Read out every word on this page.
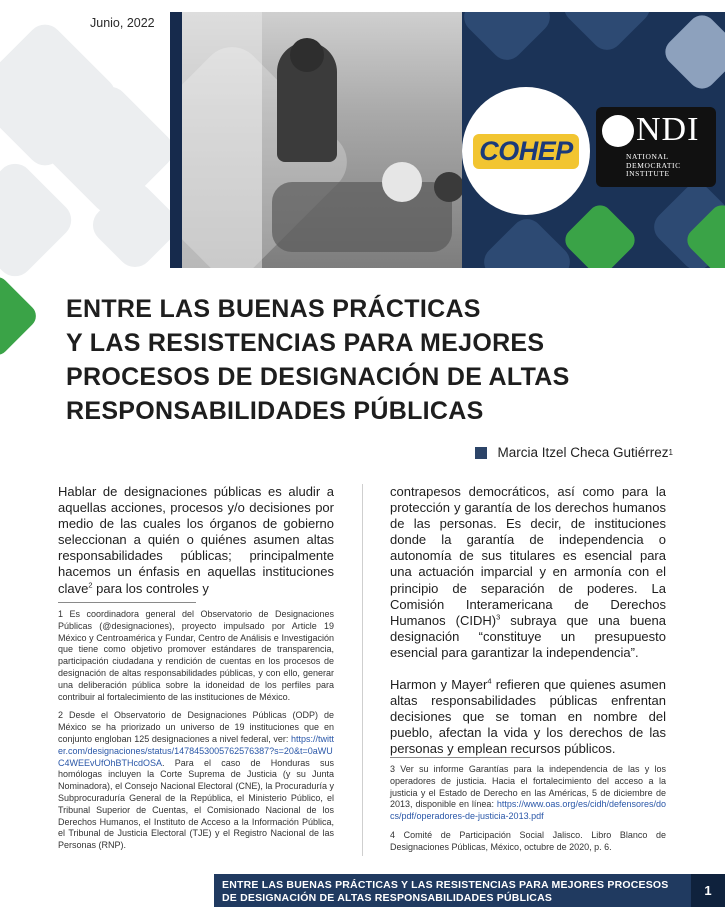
Junio, 2022
COHEP
NDI
NATIONAL
DEMOCRATIC
INSTITUTE
ENTRE LAS BUENAS PRÁCTICAS
Y LAS RESISTENCIAS PARA MEJORES
PROCESOS DE DESIGNACIÓN DE ALTAS
RESPONSABILIDADES PÚBLICAS
Marcia Itzel Checa Gutiérrez 1

Hablar de designaciones públicas es aludir a aquellas acciones, procesos y/o decisiones por medio de las cuales los órganos de gobierno seleccionan a quién o quiénes asumen altas responsabilidades públicas; principalmente hacemos un énfasis en aquellas instituciones clave$^2$ para los controles y

1 Es coordinadora general del Observatorio de Designaciones Públicas (@designaciones), proyecto impulsado por Article 19 México y Centroamérica y Fundar, Centro de Análisis e Investigación que tiene como objetivo promover estándares de transparencia, participación ciudadana y rendición de cuentas en los procesos de designación de altas responsabilidades públicas, y con ello, generar una deliberación pública sobre la idoneidad de los perfiles para contribuir al fortalecimiento de las instituciones de México.

2 Desde el Observatorio de Designaciones Públicas (ODP) de México se ha priorizado un universo de 19 instituciones que en conjunto engloban 125 designaciones a nivel federal, ver: https://twitter.com/designaciones/status/1478453005762576387?s=20&t=0aWUC4WEEvUfOhBTHcdOSA. Para el caso de Honduras sus homólogas incluyen la Corte Suprema de Justicia (y su Junta Nominadora), el Consejo Nacional Electoral (CNE), la Procuraduría y Subprocuraduría General de la República, el Ministerio Público, el Tribunal Superior de Cuentas, el Comisionado Nacional de los Derechos Humanos, el Instituto de Acceso a la Información Pública, el Tribunal de Justicia Electoral (TJE) y el Registro Nacional de las Personas (RNP).

contrapesos democráticos, así como para la protección y garantía de los derechos humanos de las personas. Es decir, de instituciones donde la garantía de independencia o autonomía de sus titulares es esencial para una actuación imparcial y en armonía con el principio de separación de poderes. La Comisión Interamericana de Derechos Humanos (CIDH)$^3$ subraya que una buena designación “constituye un presupuesto esencial para garantizar la independencia”.

Harmon y Mayer$^4$ refieren que quienes asumen altas responsabilidades públicas enfrentan decisiones que se toman en nombre del pueblo, afectan la vida y los derechos de las personas y emplean recursos públicos.

3 Ver su informe Garantías para la independencia de las y los operadores de justicia. Hacia el fortalecimiento del acceso a la justicia y el Estado de Derecho en las Américas, 5 de diciembre de 2013, disponible en línea: https://www.oas.org/es/cidh/defensores/docs/pdf/operadores-de-justicia-2013.pdf

4 Comité de Participación Social Jalisco. Libro Blanco de Designaciones Públicas, México, octubre de 2020, p. 6.

ENTRE LAS BUENAS PRÁCTICAS Y LAS RESISTENCIAS PARA MEJORES PROCESOS
DE DESIGNACIÓN DE ALTAS RESPONSABILIDADES PÚBLICAS	1
